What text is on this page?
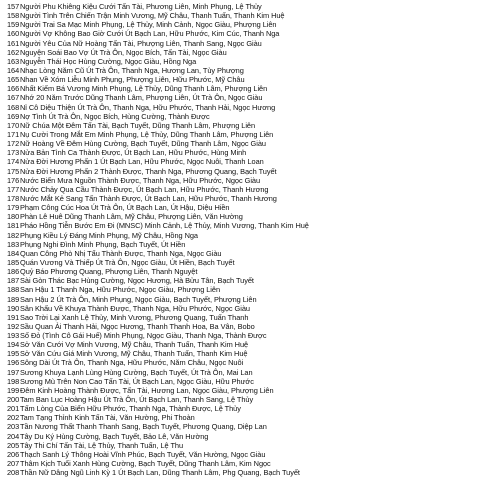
157
Người Phu Khiêng Kiệu Cưới Tấn Tài, Phương Liên, Minh Phụng, Lệ Thủy
158
Người Tình Trên Chiến Trận Minh Vương, Mỹ Châu, Thanh Tuấn, Thanh Kim Huệ
159
Người Trai Sa Mạc Minh Phụng, Lệ Thủy, Minh Cảnh, Ngọc Giàu, Phượng Liên
160
Người Vợ Không Bao Giờ Cưới Út Bạch Lan, Hữu Phước, Kim Cúc, Thanh Nga
161
Người Yêu Của Nữ Hoàng Tấn Tài, Phượng Liên, Thanh Sang, Ngọc Giàu
162
Nguyện Soái Bao Vợ Út Trà Ôn, Ngọc Bích, Tấn Tài, Ngọc Giàu
163
Nguyễn Thái Học Hùng Cường, Ngọc Giàu, Hồng Nga
164
Nhạc Lòng Năm Cũ Út Trà Ôn, Thanh Nga, Hương Lan, Tùy Phượng
165
Nhan Về Xóm Liễu Minh Phụng, Phượng Liên, Hữu Phước, Mỹ Châu
166
Nhất Kiếm Bá Vương Minh Phụng, Lệ Thủy, Dũng Thanh Lâm, Phượng Liên
167
Nhớ 20 Năm Trước Dũng Thanh Lâm, Phượng Liên, Út Trà Ôn, Ngọc Giàu
168
Nỉ Cô Diệu Thiện Út Trà Ôn, Thanh Nga, Hữu Phước, Thanh Hải, Ngọc Hương
169
Nợ Tình Út Trà Ôn, Ngọc Bích, Hùng Cường, Thành Được
170
Nữ Chúa Một Đêm Tấn Tài, Bạch Tuyết, Dũng Thanh Lâm, Phượng Liên
171
Nụ Cười Trong Mắt Em Minh Phụng, Lệ Thủy, Dũng Thanh Lâm, Phượng Liên
172
Nữ Hoàng Về Đêm Hùng Cường, Bạch Tuyết, Dũng Thanh Lâm, Ngọc Giàu
173
Nửa Bản Tình Ca Thành Được, Út Bạch Lan, Hữu Phước, Hùng Minh
174
Nửa Đời Hương Phấn 1 Út Bạch Lan, Hữu Phước, Ngọc Nuôi, Thanh Loan
175
Nửa Đời Hương Phấn 2 Thành Được, Thanh Nga, Phương Quang, Bạch Tuyết
176
Nước Biển Mưa Nguồn Thành Được, Thanh Nga, Hữu Phước, Ngọc Giàu
177
Nước Chảy Qua Cầu Thành Được, Út Bạch Lan, Hữu Phước, Thanh Hương
178
Nước Mắt Kẻ Sang Tấn Thành Được, Út Bạch Lan, Hữu Phước, Thanh Hương
179
Phạm Công Cúc Hoa Út Trà Ôn, Út Bạch Lan, Út Hậu, Diệu Hiền
180
Phàn Lê Huê Dũng Thanh Lâm, Mỹ Châu, Phượng Liên, Văn Hường
181
Pháo Hồng Tiễn Bước Em Đi (MNSC) Minh Cảnh, Lệ Thủy, Minh Vương, Thanh Kim Huệ
182
Phụng Kiều Lý Đáng Minh Phụng, Mỹ Châu, Hồng Nga
183
Phụng Nghi Đình Minh Phụng, Bạch Tuyết, Út Hiền
184
Quan Công Phò Nhị Tẩu Thành Được, Thanh Nga, Ngọc Giàu
185
Quán Vương Và Thiếp Út Trà Ôn, Ngọc Giàu, Út Hiền, Bạch Tuyết
186
Quỷ Báo Phương Quang, Phượng Liên, Thanh Nguyệt
187
Sài Gòn Thác Bạc Hùng Cường, Ngọc Hương, Hà Bửu Tân, Bạch Tuyết
188
San Hậu 1 Thanh Nga, Hữu Phước, Ngọc Giàu, Phượng Liên
189
San Hậu 2 Út Trà Ôn, Minh Phụng, Ngọc Giàu, Bạch Tuyết, Phượng Liên
190
Sân Khấu Về Khuya Thành Được, Thanh Nga, Hữu Phước, Ngọc Giàu
191
Sao Trời Lại Xanh Lệ Thủy, Minh Vương, Phương Quang, Tuấn Thanh
192
Sầu Quan Ải Thanh Hải, Ngọc Hương, Thanh Thanh Hoa, Ba Vân, Bobo
193
Số Đỏ (Tình Cô Gái Huế) Minh Phụng, Ngọc Giàu, Thanh Nga, Thành Được
194
Sở Văn Cưới Vợ Minh Vương, Mỹ Châu, Thanh Tuấn, Thanh Kim Huệ
195
Sở Văn Cứu Giá Minh Vương, Mỹ Châu, Thanh Tuấn, Thanh Kim Huệ
196
Sông Dài Út Trà Ôn, Thanh Nga, Hữu Phước, Năm Châu, Ngọc Nuôi
197
Sương Khuya Lạnh Lùng Hùng Cường, Bạch Tuyết, Út Trà Ôn, Mai Lan
198
Sương Mù Trên Non Cao Tấn Tài, Út Bạch Lan, Ngọc Giàu, Hữu Phước
199
Đêm Kinh Hoàng Thành Được, Tấn Tài, Hương Lan, Ngọc Giàu, Phượng Liên
200
Tam Ban Lục Hoàng Hậu Út Trà Ôn, Út Bạch Lan, Thanh Sang, Lệ Thủy
201
Tấm Lòng Của Biển Hữu Phước, Thanh Nga, Thành Được, Lệ Thủy
202
Tam Tạng Thỉnh Kinh Tấn Tài, Văn Hường, Phi Thoàn
203
Tần Nương Thất Thanh Thanh Sang, Bạch Tuyết, Phương Quang, Diệp Lan
204
Tây Du Ký Hùng Cường, Bạch Tuyết, Bảo Lê, Văn Hường
205
Tây Thi Chí Tấn Tài, Lệ Thủy, Thanh Tuấn, Lệ Thu
206
Thạch Sanh Lý Thông Hoài Vĩnh Phúc, Bạch Tuyết, Văn Hường, Ngọc Giàu
207
Thâm Kịch Tuổi Xanh Hùng Cường, Bạch Tuyết, Dũng Thanh Lâm, Kim Ngọc
208
Thần Nữ Dâng Ngũ Linh Kỳ 1 Út Bạch Lan, Dũng Thanh Lâm, Phg Quang, Bạch Tuyết
